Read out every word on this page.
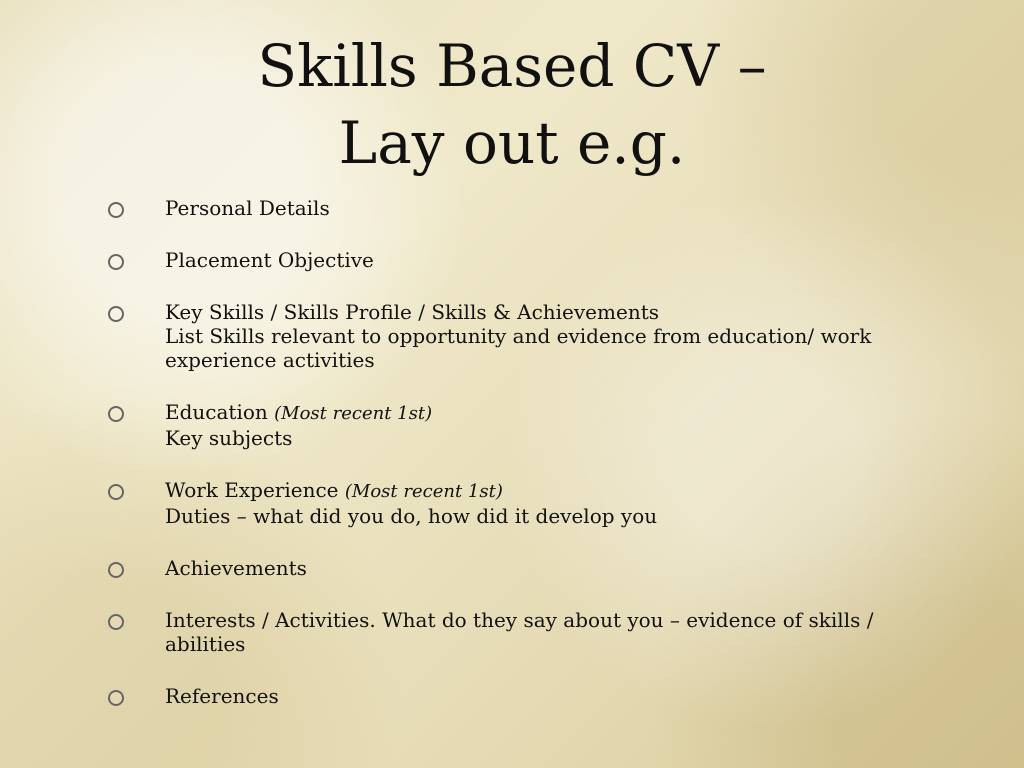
Skills Based CV –
Lay out e.g.
Personal Details
Placement Objective
Key Skills / Skills Profile / Skills & Achievements
List Skills relevant to opportunity and evidence from education/ work
experience activities
Education (Most recent 1st)
Key subjects
Work Experience (Most recent 1st)
Duties – what did you do, how did it develop you
Achievements
Interests / Activities. What do they say about you – evidence of skills /
abilities
References
